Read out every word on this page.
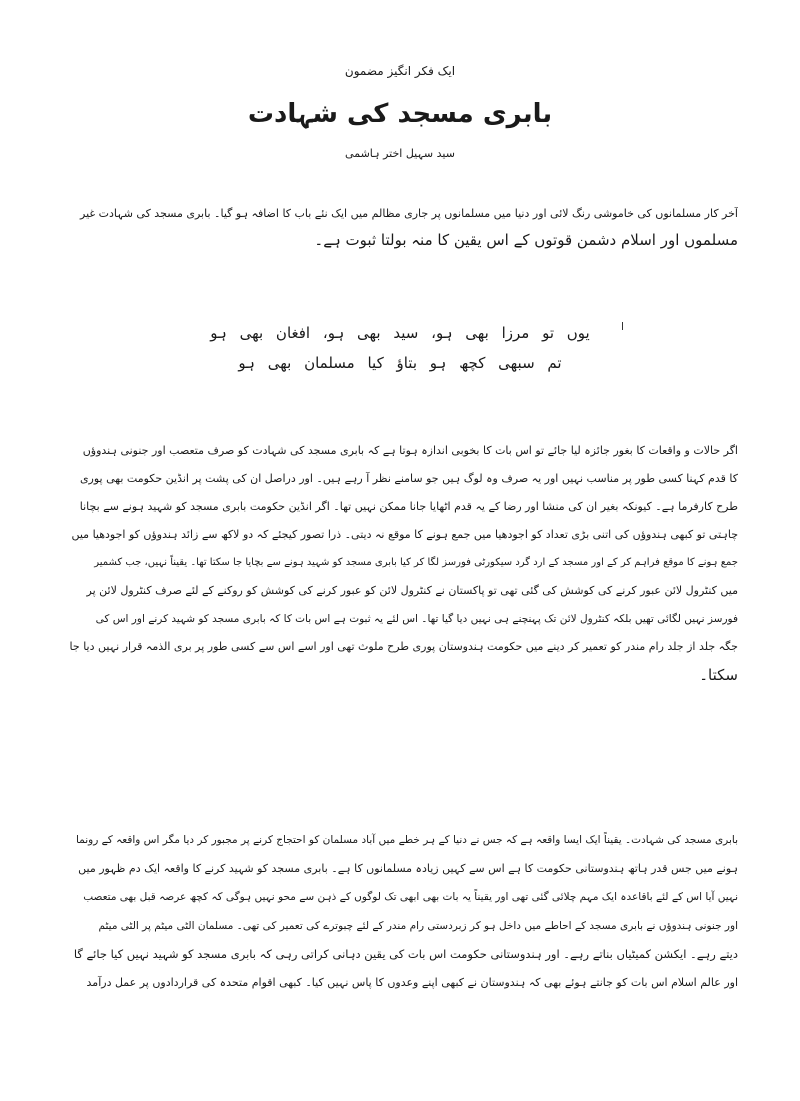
ایک فکر انگیز مضمون
بابری مسجد کی شہادت
سید سہیل اختر ہاشمی
آخر کار مسلمانوں کی خاموشی رنگ لائی اور دنیا میں مسلمانوں پر جاری مظالم میں ایک نئے باب کا اضافہ ہو گیا۔ بابری مسجد کی شہادت غیر
مسلموں اور اسلام دشمن قوتوں کے اس یقین کا منہ بولتا ثبوت ہے۔
یوں تو مرزا بھی ہو، سید بھی ہو، افغان بھی ہو
تم سبھی کچھ ہو بتاؤ کیا مسلمان بھی ہو
اگر حالات و واقعات کا بغور جائزہ لیا جائے تو اس بات کا بخوبی اندازہ ہوتا ہے کہ بابری مسجد کی شہادت کو صرف متعصب اور جنونی ہندوؤں
کا قدم کہنا کسی طور پر مناسب نہیں اور یہ صرف وہ لوگ ہیں جو سامنے نظر آ رہے ہیں۔ اور دراصل ان کی پشت پر انڈین حکومت بھی پوری
طرح کارفرما ہے۔ کیونکہ بغیر ان کی منشا اور رضا کے یہ قدم اٹھایا جانا ممکن نہیں تھا۔ اگر انڈین حکومت بابری مسجد کو شہید ہونے سے بچانا
چاہتی تو کبھی ہندوؤں کی اتنی بڑی تعداد کو اجودھیا میں جمع ہونے کا موقع نہ دیتی۔ ذرا تصور کیجئے کہ دو لاکھ سے زائد ہندوؤں کو اجودھیا میں
جمع ہونے کا موقع فراہم کر کے اور مسجد کے ارد گرد سیکورٹی فورسز لگا کر کیا بابری مسجد کو شہید ہونے سے بچایا جا سکتا تھا۔ یقیناً نہیں، جب کشمیر
میں کنٹرول لائن عبور کرنے کی کوشش کی گئی تھی تو پاکستان نے کنٹرول لائن کو عبور کرنے کی کوشش کو روکنے کے لئے صرف کنٹرول لائن پر
فورسز نہیں لگائی تھیں بلکہ کنٹرول لائن تک پہنچنے ہی نہیں دیا گیا تھا۔ اس لئے یہ ثبوت ہے اس بات کا کہ بابری مسجد کو شہید کرنے اور اس کی
جگہ جلد از جلد رام مندر کو تعمیر کر دینے میں حکومت ہندوستان پوری طرح ملوث تھی اور اسے اس سے کسی طور پر بری الذمہ قرار نہیں دیا جا
سکتا۔
بابری مسجد کی شہادت۔ یقیناً ایک ایسا واقعہ ہے کہ جس نے دنیا کے ہر خطے میں آباد مسلمان کو احتجاج کرنے پر مجبور کر دیا مگر اس واقعہ کے رونما
ہونے میں جس قدر ہاتھ ہندوستانی حکومت کا ہے اس سے کہیں زیادہ مسلمانوں کا ہے۔ بابری مسجد کو شہید کرنے کا واقعہ ایک دم ظہور میں
نہیں آیا اس کے لئے باقاعدہ ایک مہم چلائی گئی تھی اور یقیناً یہ بات بھی ابھی تک لوگوں کے ذہن سے محو نہیں ہوگی کہ کچھ عرصہ قبل بھی متعصب
اور جنونی ہندوؤں نے بابری مسجد کے احاطے میں داخل ہو کر زبردستی رام مندر کے لئے چبوترے کی تعمیر کی تھی۔ مسلمان الٹی میٹم پر الٹی میٹم
دیتے رہے۔ ایکشن کمیٹیاں بناتے رہے۔ اور ہندوستانی حکومت اس بات کی یقین دہانی کراتی رہی کہ بابری مسجد کو شہید نہیں کیا جائے گا
اور عالم اسلام اس بات کو جانتے ہوئے بھی کہ ہندوستان نے کبھی اپنے وعدوں کا پاس نہیں کیا۔ کبھی اقوام متحدہ کی قراردادوں پر عمل درآمد
